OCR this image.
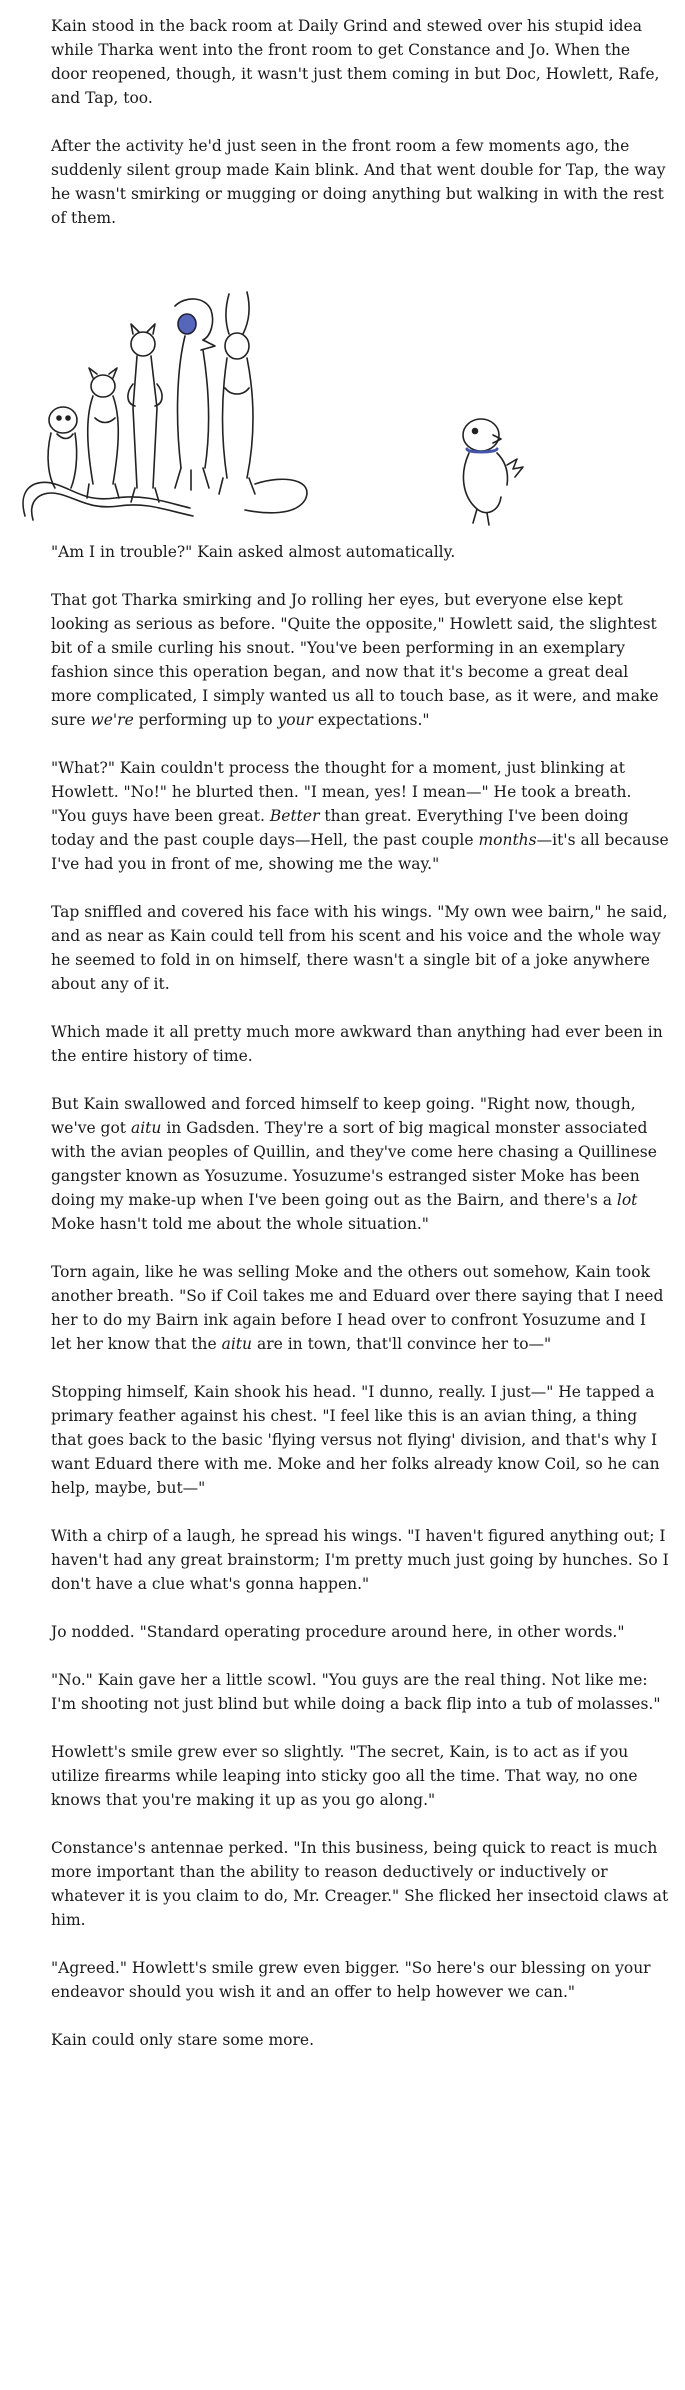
Kain stood in the back room at Daily Grind and stewed over his stupid idea while Tharka went into the front room to get Constance and Jo. When the door reopened, though, it wasn't just them coming in but Doc, Howlett, Rafe, and Tap, too.

After the activity he'd just seen in the front room a few moments ago, the suddenly silent group made Kain blink. And that went double for Tap, the way he wasn't smirking or mugging or doing anything but walking in with the rest of them.

"Am I in trouble?" Kain asked almost automatically.

That got Tharka smirking and Jo rolling her eyes, but everyone else kept looking as serious as before. "Quite the opposite," Howlett said, the slightest bit of a smile curling his snout. "You've been performing in an exemplary fashion since this operation began, and now that it's become a great deal more complicated, I simply wanted us all to touch base, as it were, and make sure we're performing up to your expectations."

"What?" Kain couldn't process the thought for a moment, just blinking at Howlett. "No!" he blurted then. "I mean, yes! I mean—" He took a breath. "You guys have been great. Better than great. Everything I've been doing today and the past couple days—Hell, the past couple months—it's all because I've had you in front of me, showing me the way."

Tap sniffled and covered his face with his wings. "My own wee bairn," he said, and as near as Kain could tell from his scent and his voice and the whole way he seemed to fold in on himself, there wasn't a single bit of a joke anywhere about any of it.

Which made it all pretty much more awkward than anything had ever been in the entire history of time.

But Kain swallowed and forced himself to keep going. "Right now, though, we've got aitu in Gadsden. They're a sort of big magical monster associated with the avian peoples of Quillin, and they've come here chasing a Quillinese gangster known as Yosuzume. Yosuzume's estranged sister Moke has been doing my make-up when I've been going out as the Bairn, and there's a lot Moke hasn't told me about the whole situation."

Torn again, like he was selling Moke and the others out somehow, Kain took another breath. "So if Coil takes me and Eduard over there saying that I need her to do my Bairn ink again before I head over to confront Yosuzume and I let her know that the aitu are in town, that'll convince her to—"

Stopping himself, Kain shook his head. "I dunno, really. I just—" He tapped a primary feather against his chest. "I feel like this is an avian thing, a thing that goes back to the basic 'flying versus not flying' division, and that's why I want Eduard there with me. Moke and her folks already know Coil, so he can help, maybe, but—"

With a chirp of a laugh, he spread his wings. "I haven't figured anything out; I haven't had any great brainstorm; I'm pretty much just going by hunches. So I don't have a clue what's gonna happen."

Jo nodded. "Standard operating procedure around here, in other words."

"No." Kain gave her a little scowl. "You guys are the real thing. Not like me: I'm shooting not just blind but while doing a back flip into a tub of molasses."

Howlett's smile grew ever so slightly. "The secret, Kain, is to act as if you utilize firearms while leaping into sticky goo all the time. That way, no one knows that you're making it up as you go along."

Constance's antennae perked. "In this business, being quick to react is much more important than the ability to reason deductively or inductively or whatever it is you claim to do, Mr. Creager." She flicked her insectoid claws at him.

"Agreed." Howlett's smile grew even bigger. "So here's our blessing on your endeavor should you wish it and an offer to help however we can."

Kain could only stare some more.
